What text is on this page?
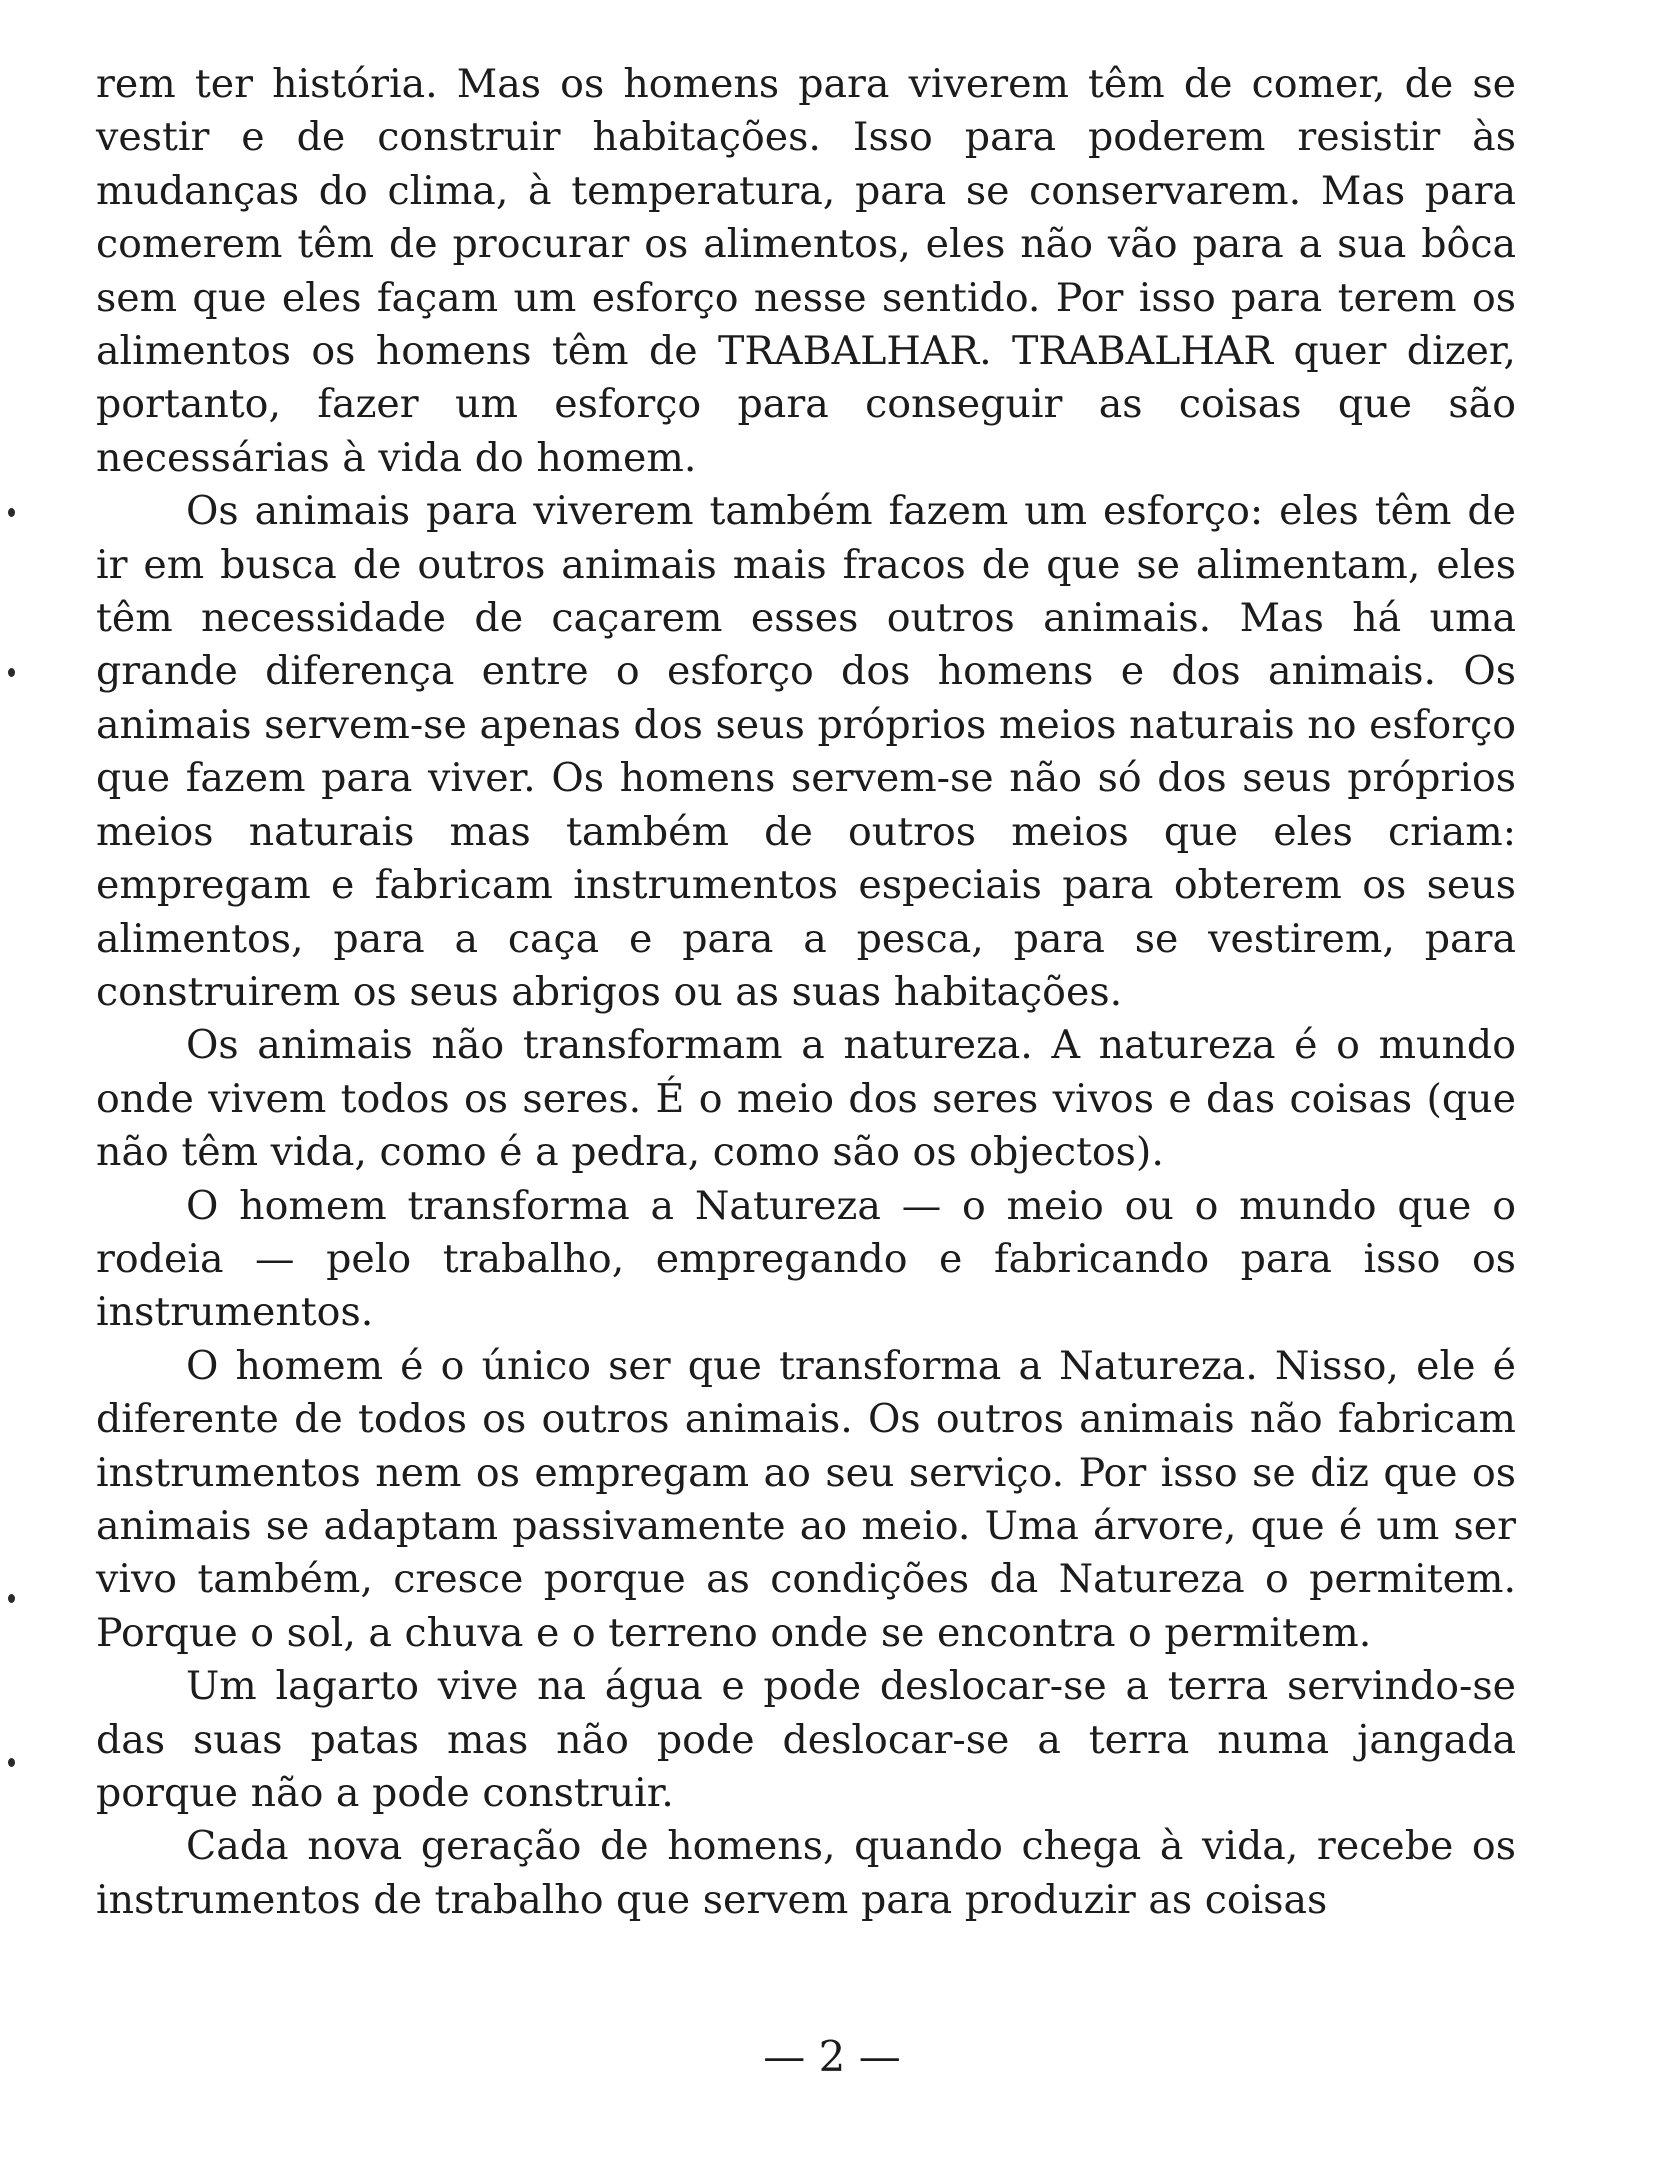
rem ter história. Mas os homens para viverem têm de comer, de se vestir e de construir habitações. Isso para poderem resistir às mudanças do clima, à temperatura, para se conservarem. Mas para comerem têm de procurar os alimentos, eles não vão para a sua bôca sem que eles façam um esforço nesse sentido. Por isso para terem os alimentos os homens têm de TRABALHAR. TRABALHAR quer dizer, portanto, fazer um esforço para conseguir as coisas que são necessárias à vida do homem.

Os animais para viverem também fazem um esforço: eles têm de ir em busca de outros animais mais fracos de que se alimentam, eles têm necessidade de caçarem esses outros animais. Mas há uma grande diferença entre o esforço dos homens e dos animais. Os animais servem-se apenas dos seus próprios meios naturais no esforço que fazem para viver. Os homens servem-se não só dos seus próprios meios naturais mas também de outros meios que eles criam: empregam e fabricam instrumentos especiais para obterem os seus alimentos, para a caça e para a pesca, para se vestirem, para construirem os seus abrigos ou as suas habitações.

Os animais não transformam a natureza. A natureza é o mundo onde vivem todos os seres. É o meio dos seres vivos e das coisas (que não têm vida, como é a pedra, como são os objectos).

O homem transforma a Natureza — o meio ou o mundo que o rodeia — pelo trabalho, empregando e fabricando para isso os instrumentos.

O homem é o único ser que transforma a Natureza. Nisso, ele é diferente de todos os outros animais. Os outros animais não fabricam instrumentos nem os empregam ao seu serviço. Por isso se diz que os animais se adaptam passivamente ao meio. Uma árvore, que é um ser vivo também, cresce porque as condições da Natureza o permitem. Porque o sol, a chuva e o terreno onde se encontra o permitem.

Um lagarto vive na água e pode deslocar-se a terra servindo-se das suas patas mas não pode deslocar-se a terra numa jangada porque não a pode construir.

Cada nova geração de homens, quando chega à vida, recebe os instrumentos de trabalho que servem para produzir as coisas

— 2 —
